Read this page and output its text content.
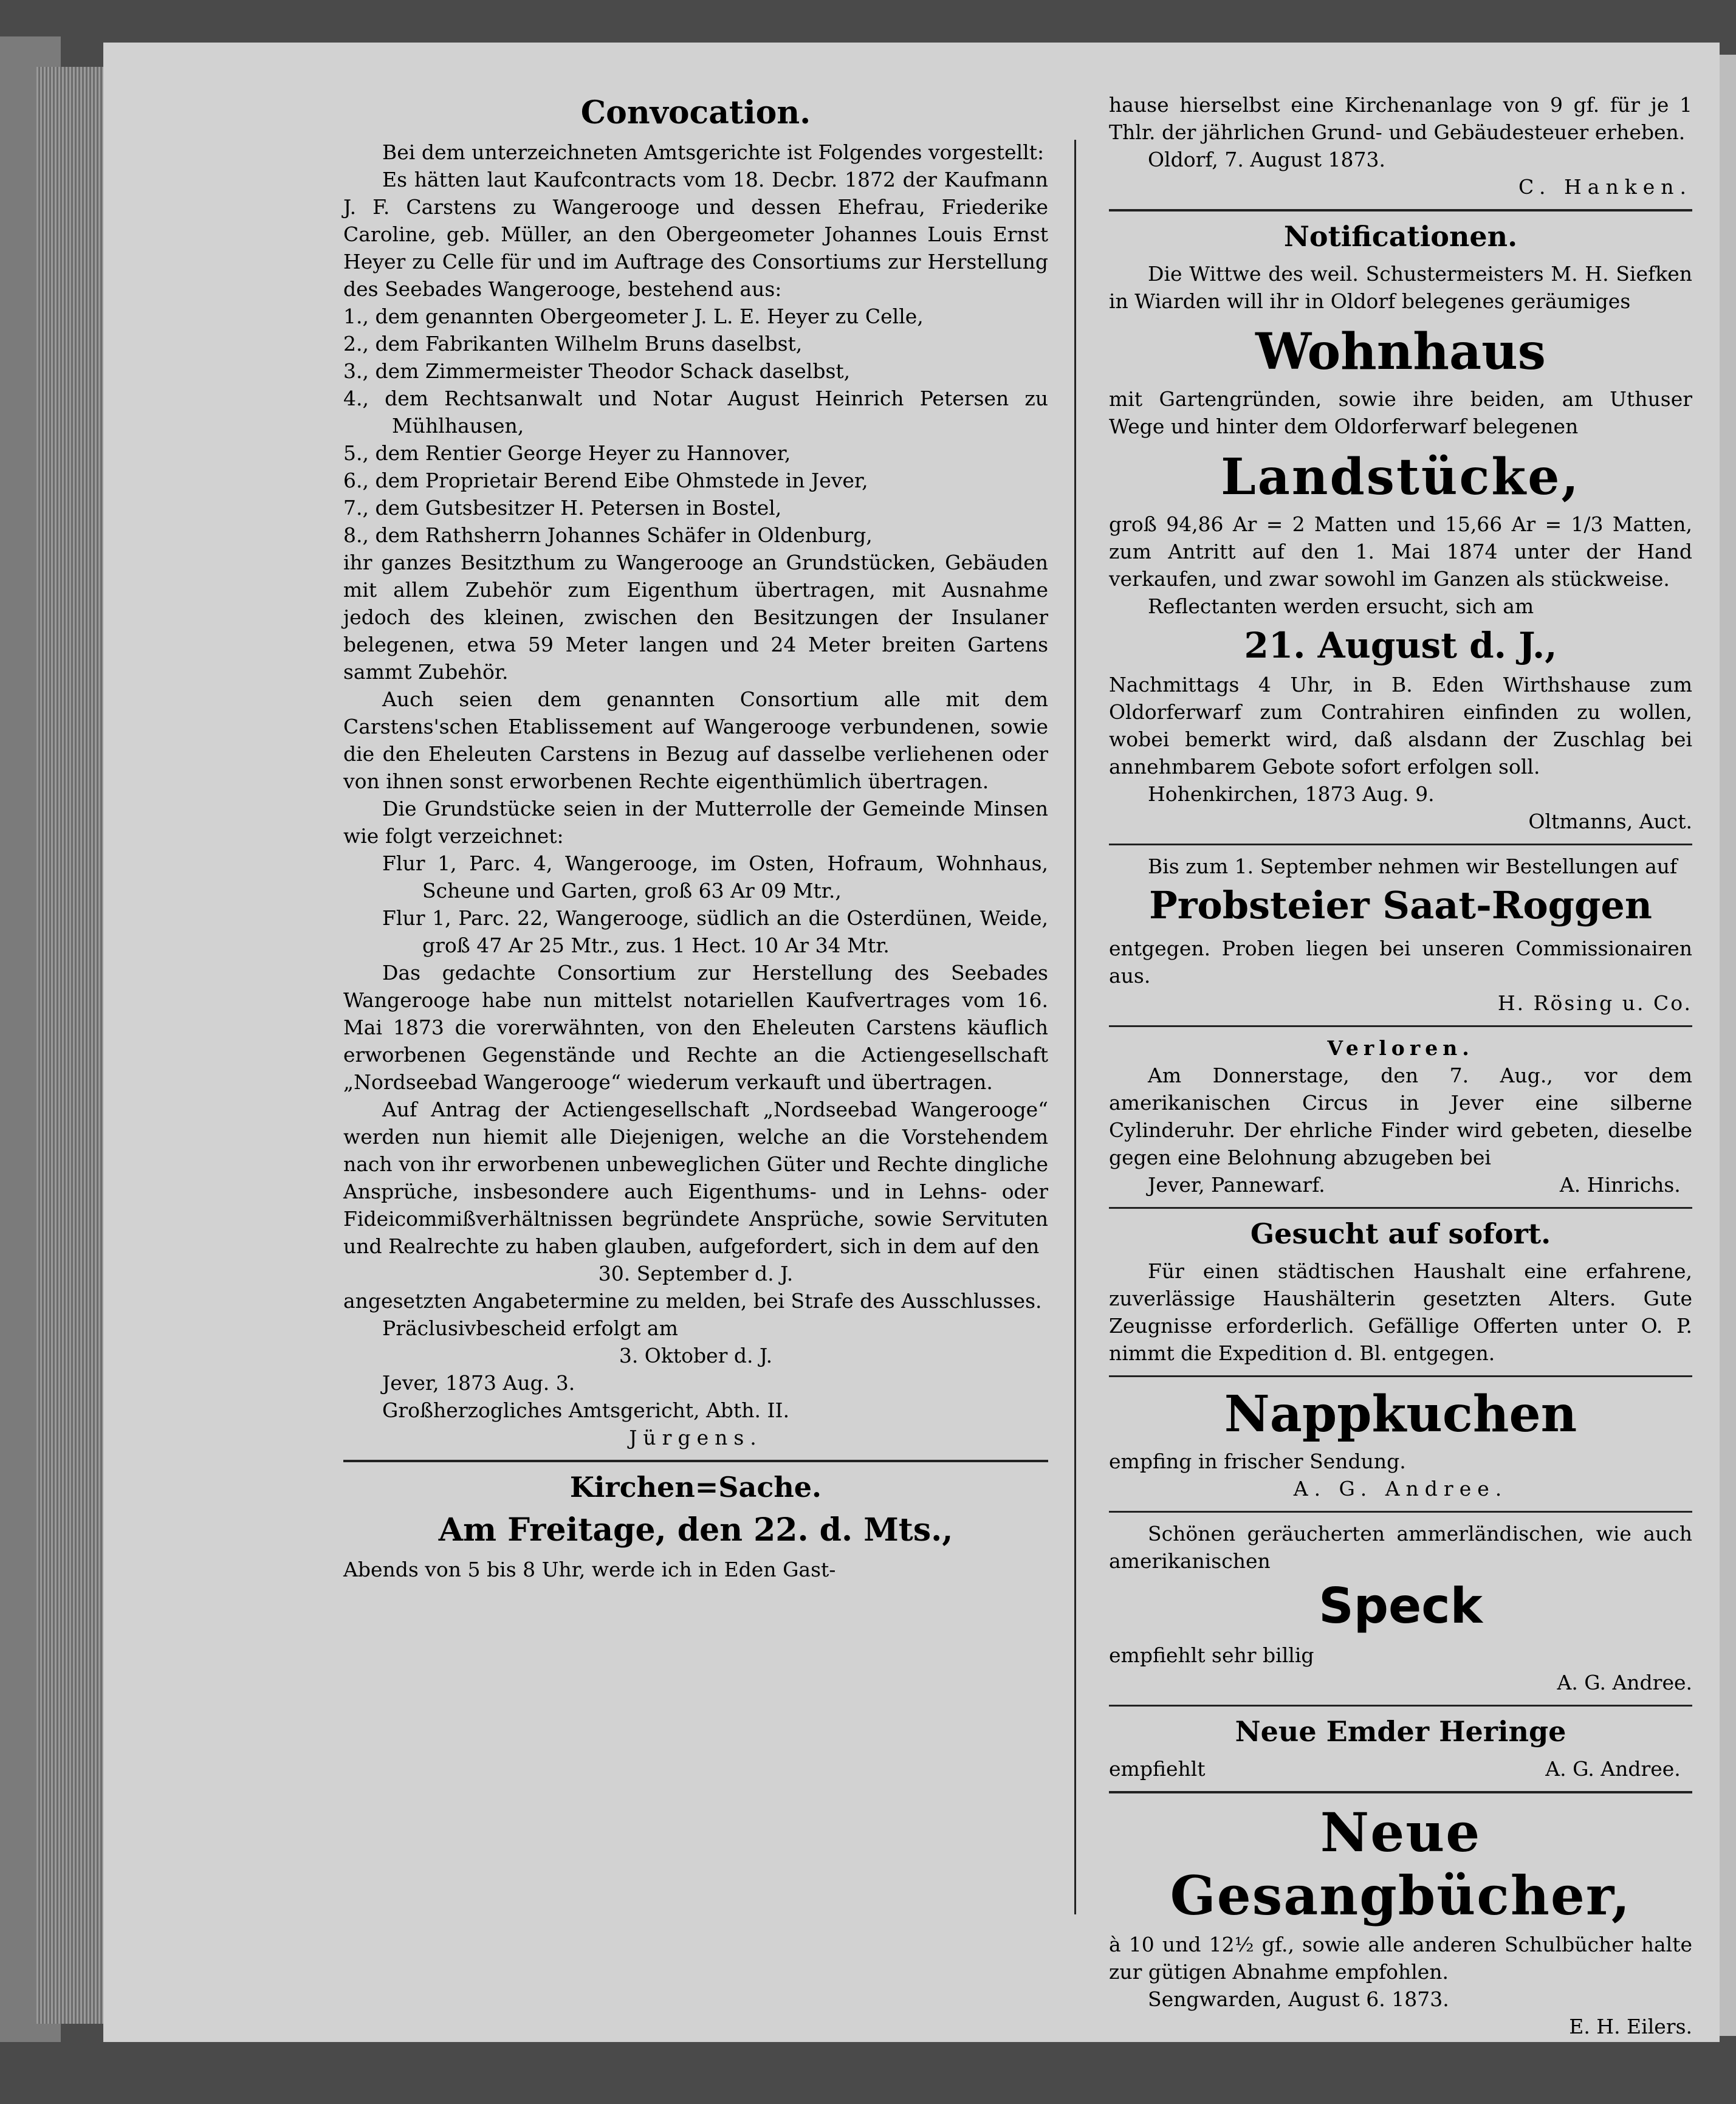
Convocation.

Bei dem unterzeichneten Amtsgerichte ist Folgendes vorgestellt:

Es hätten laut Kaufcontracts vom 18. Decbr. 1872 der Kaufmann J. F. Carstens zu Wangerooge und dessen Ehefrau, Friederike Caroline, geb. Müller, an den Obergeometer Johannes Louis Ernst Heyer zu Celle für und im Auftrage des Consortiums zur Herstellung des Seebades Wangerooge, bestehend aus:

1., dem genannten Obergeometer J. L. E. Heyer zu Celle,

2., dem Fabrikanten Wilhelm Bruns daselbst,

3., dem Zimmermeister Theodor Schack daselbst,

4., dem Rechtsanwalt und Notar August Heinrich Petersen zu Mühlhausen,

5., dem Rentier George Heyer zu Hannover,

6., dem Proprietair Berend Eibe Ohmstede in Jever,

7., dem Gutsbesitzer H. Petersen in Bostel,

8., dem Rathsherrn Johannes Schäfer in Oldenburg,

ihr ganzes Besitzthum zu Wangerooge an Grundstücken, Gebäuden mit allem Zubehör zum Eigenthum übertragen, mit Ausnahme jedoch des kleinen, zwischen den Besitzungen der Insulaner belegenen, etwa 59 Meter langen und 24 Meter breiten Gartens sammt Zubehör.

Auch seien dem genannten Consortium alle mit dem Carstens'schen Etablissement auf Wangerooge verbundenen, sowie die den Eheleuten Carstens in Bezug auf dasselbe verliehenen oder von ihnen sonst erworbenen Rechte eigenthümlich übertragen.

Die Grundstücke seien in der Mutterrolle der Gemeinde Minsen wie folgt verzeichnet:

Flur 1, Parc. 4, Wangerooge, im Osten, Hofraum, Wohnhaus, Scheune und Garten, groß 63 Ar 09 Mtr.,

Flur 1, Parc. 22, Wangerooge, südlich an die Osterdünen, Weide, groß 47 Ar 25 Mtr., zus. 1 Hect. 10 Ar 34 Mtr.

Das gedachte Consortium zur Herstellung des Seebades Wangerooge habe nun mittelst notariellen Kaufvertrages vom 16. Mai 1873 die vorerwähnten, von den Eheleuten Carstens käuflich erworbenen Gegenstände und Rechte an die Actiengesellschaft „Nordseebad Wangerooge“ wiederum verkauft und übertragen.

Auf Antrag der Actiengesellschaft „Nordseebad Wangerooge“ werden nun hiemit alle Diejenigen, welche an die Vorstehendem nach von ihr erworbenen unbeweglichen Güter und Rechte dingliche Ansprüche, insbesondere auch Eigenthums- und in Lehns- oder Fideicommißverhältnissen begründete Ansprüche, sowie Servituten und Realrechte zu haben glauben, aufgefordert, sich in dem auf den

30. September d. J.

angesetzten Angabetermine zu melden, bei Strafe des Ausschlusses.

Präclusivbescheid erfolgt am

3. Oktober d. J.

Jever, 1873 Aug. 3.

Großherzogliches Amtsgericht, Abth. II.

Jürgens.

Kirchen=Sache.
Am Freitage, den 22. d. Mts.,

Abends von 5 bis 8 Uhr, werde ich in Eden Gast-

hause hierselbst eine Kirchenanlage von 9 gf. für je 1 Thlr. der jährlichen Grund- und Gebäudesteuer erheben.

Oldorf, 7. August 1873.

C. Hanken.

Notificationen.

Die Wittwe des weil. Schustermeisters M. H. Siefken in Wiarden will ihr in Oldorf belegenes geräumiges

Wohnhaus

mit Gartengründen, sowie ihre beiden, am Uthuser Wege und hinter dem Oldorferwarf belegenen

Landstücke,

groß 94,86 Ar = 2 Matten und 15,66 Ar = 1/3 Matten, zum Antritt auf den 1. Mai 1874 unter der Hand verkaufen, und zwar sowohl im Ganzen als stückweise.

Reflectanten werden ersucht, sich am

21. August d. J.,

Nachmittags 4 Uhr, in B. Eden Wirthshause zum Oldorferwarf zum Contrahiren einfinden zu wollen, wobei bemerkt wird, daß alsdann der Zuschlag bei annehmbarem Gebote sofort erfolgen soll.

Hohenkirchen, 1873 Aug. 9.

Oltmanns, Auct.

Bis zum 1. September nehmen wir Bestellungen auf

Probsteier Saat-Roggen

entgegen. Proben liegen bei unseren Commissionairen aus.

H. Rösing u. Co.

Verloren.

Am Donnerstage, den 7. Aug., vor dem amerikanischen Circus in Jever eine silberne Cylinderuhr. Der ehrliche Finder wird gebeten, dieselbe gegen eine Belohnung abzugeben bei

Jever, Pannewarf.	A. Hinrichs.

Gesucht auf sofort.

Für einen städtischen Haushalt eine erfahrene, zuverlässige Haushälterin gesetzten Alters. Gute Zeugnisse erforderlich. Gefällige Offerten unter O. P. nimmt die Expedition d. Bl. entgegen.

Nappkuchen

empfing in frischer Sendung.

A. G. Andree.

Schönen geräucherten ammerländischen, wie auch amerikanischen

Speck

empfiehlt sehr billig

A. G. Andree.

Neue Emder Heringe

empfiehlt	A. G. Andree.

Neue Gesangbücher,

à 10 und 12½ gf., sowie alle anderen Schulbücher halte zur gütigen Abnahme empfohlen.

Sengwarden, August 6. 1873.

E. H. Eilers.
